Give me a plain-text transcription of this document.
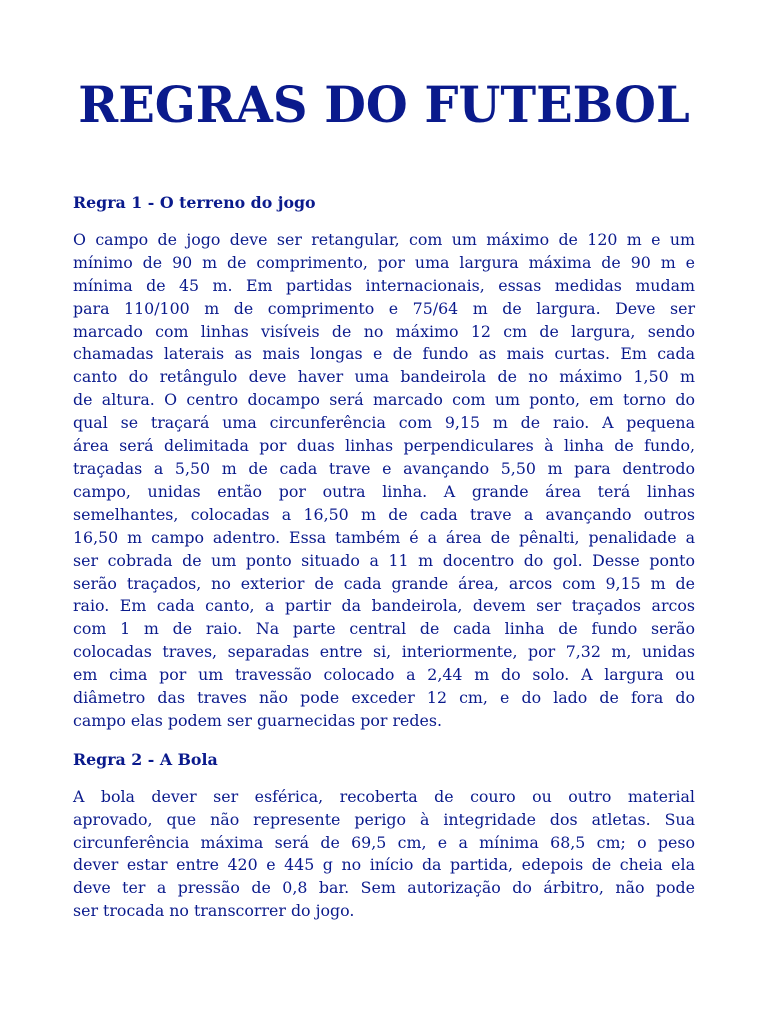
REGRAS DO FUTEBOL
Regra 1 - O terreno do jogo
O campo de jogo deve ser retangular, com um máximo de 120 m e um
mínimo de 90 m de comprimento, por uma largura máxima de 90 m e
mínima de 45 m. Em partidas internacionais, essas medidas mudam
para 110/100 m de comprimento e 75/64 m de largura. Deve ser
marcado com linhas visíveis de no máximo 12 cm de largura, sendo
chamadas laterais as mais longas e de fundo as mais curtas. Em cada
canto do retângulo deve haver uma bandeirola de no máximo 1,50 m
de altura. O centro docampo será marcado com um ponto, em torno do
qual se traçará uma circunferência com 9,15 m de raio. A pequena
área será delimitada por duas linhas perpendiculares à linha de fundo,
traçadas a 5,50 m de cada trave e avançando 5,50 m para dentrodo
campo, unidas então por outra linha. A grande área terá linhas
semelhantes, colocadas a 16,50 m de cada trave a avançando outros
16,50 m campo adentro. Essa também é a área de pênalti, penalidade a
ser cobrada de um ponto situado a 11 m docentro do gol. Desse ponto
serão traçados, no exterior de cada grande área, arcos com 9,15 m de
raio. Em cada canto, a partir da bandeirola, devem ser traçados arcos
com 1 m de raio. Na parte central de cada linha de fundo serão
colocadas traves, separadas entre si, interiormente, por 7,32 m, unidas
em cima por um travessão colocado a 2,44 m do solo. A largura ou
diâmetro das traves não pode exceder 12 cm, e do lado de fora do
campo elas podem ser guarnecidas por redes.
Regra 2 - A Bola
A bola dever ser esférica, recoberta de couro ou outro material
aprovado, que não represente perigo à integridade dos atletas. Sua
circunferência máxima será de 69,5 cm, e a mínima 68,5 cm; o peso
dever estar entre 420 e 445 g no início da partida, edepois de cheia ela
deve ter a pressão de 0,8 bar. Sem autorização do árbitro, não pode
ser trocada no transcorrer do jogo.
